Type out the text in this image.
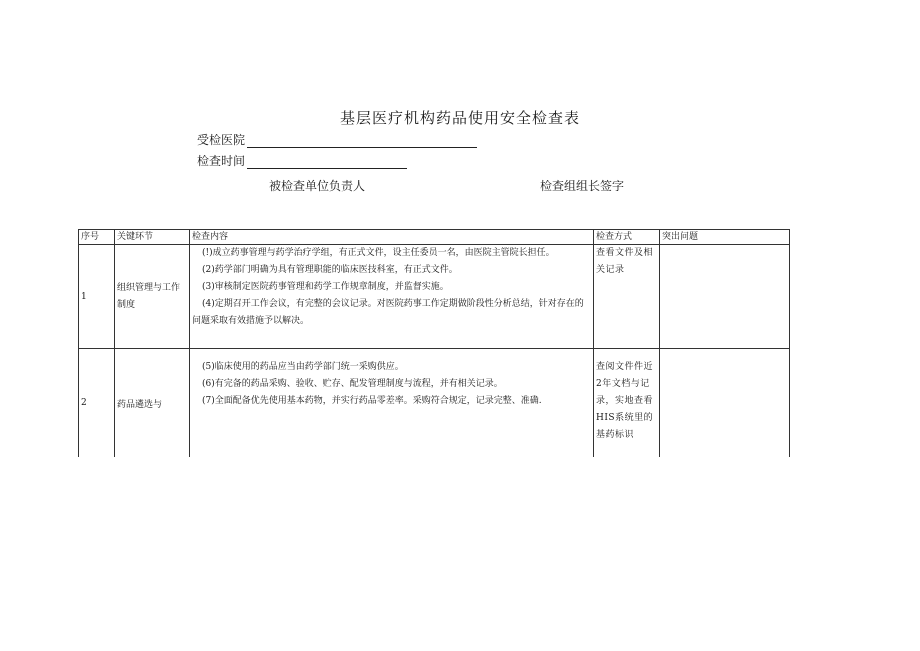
基层医疗机构药品使用安全检查表
受检医院
检查时间
被检查单位负责人	检查组组长签字
序号	关键环节	检查内容	检查方式	突出问题
1	组织管理与工作制度	(!)成立药事管理与药学治疗学组，有正式文件，设主任委员一名，由医院主管院长担任。

(2)药学部门明确为具有管理职能的临床医技科室，有正式文件。

(3)审核制定医院药事管理和药学工作规章制度，并监督实施。

(4)定期召开工作会议，有完整的会议记录。对医院药事工作定期做阶段性分析总结，针对存在的问题采取有效措施予以解决。	查看文件及相关记录	
2	药品遴选与	(5)临床使用的药品应当由药学部门统一采购供应。

(6)有完备的药品采购、验收、贮存、配发管理制度与流程，并有相关记录。

(7)全面配备优先使用基本药物，并实行药品零差率。采购符合规定，记录完整、准确.	查阅文件件近2年文档与记录，实地查看HIS系统里的基药标识	
